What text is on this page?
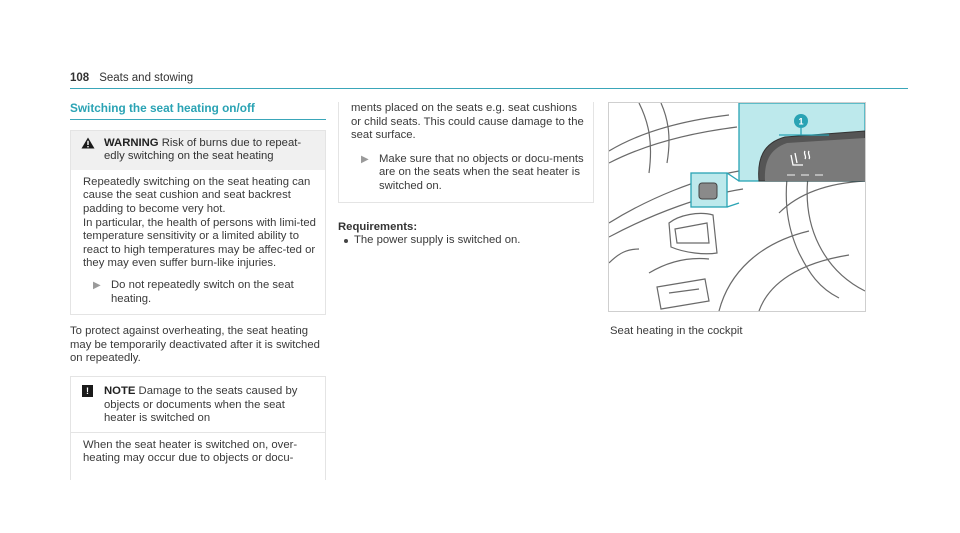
108 Seats and stowing
Switching the seat heating on/off
WARNING Risk of burns due to repeat-edly switching on the seat heating

Repeatedly switching on the seat heating can cause the seat cushion and seat backrest padding to become very hot.

In particular, the health of persons with limi-ted temperature sensitivity or a limited ability to react to high temperatures may be affec-ted or they may even suffer burn-like injuries.

▶ Do not repeatedly switch on the seat heating.

To protect against overheating, the seat heating may be temporarily deactivated after it is switched on repeatedly.

!	NOTE Damage to the seats caused by objects or documents when the seat heater is switched on

When the seat heater is switched on, over-heating may occur due to objects or docu-

ments placed on the seats e.g. seat cushions or child seats. This could cause damage to the seat surface.

▶ Make sure that no objects or docu-ments are on the seats when the seat heater is switched on.
Requirements:
The power supply is switched on.
1
Seat heating in the cockpit
